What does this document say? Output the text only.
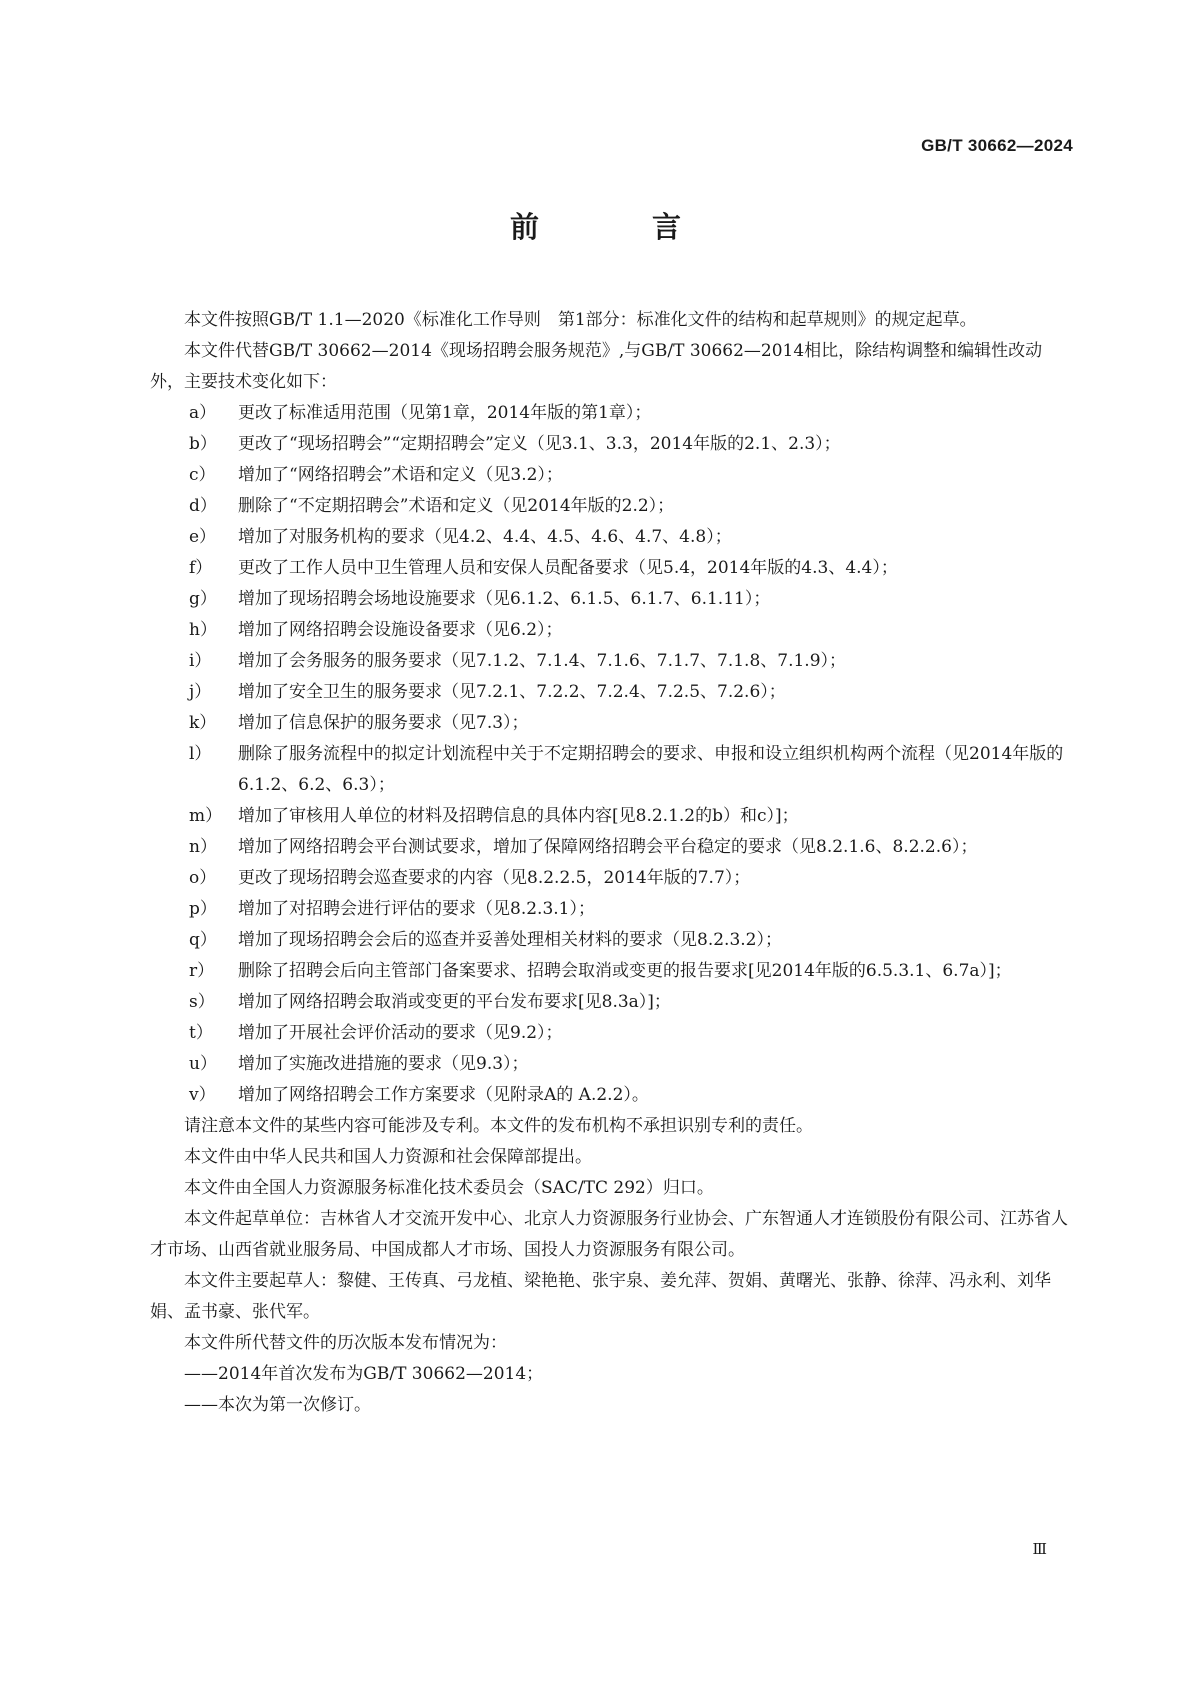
GB/T 30662—2024
前　言

本文件按照GB/T 1.1—2020《标准化工作导则　第1部分：标准化文件的结构和起草规则》的规定起草。

本文件代替GB/T 30662—2014《现场招聘会服务规范》,与GB/T 30662—2014相比，除结构调整和编辑性改动外，主要技术变化如下：

a）	更改了标准适用范围（见第1章，2014年版的第1章）；
b）	更改了“现场招聘会”“定期招聘会”定义（见3.1、3.3，2014年版的2.1、2.3）；
c）	增加了“网络招聘会”术语和定义（见3.2）；
d）	删除了“不定期招聘会”术语和定义（见2014年版的2.2）；
e）	增加了对服务机构的要求（见4.2、4.4、4.5、4.6、4.7、4.8）；
f）	更改了工作人员中卫生管理人员和安保人员配备要求（见5.4，2014年版的4.3、4.4）；
g）	增加了现场招聘会场地设施要求（见6.1.2、6.1.5、6.1.7、6.1.11）；
h）	增加了网络招聘会设施设备要求（见6.2）；
i）	增加了会务服务的服务要求（见7.1.2、7.1.4、7.1.6、7.1.7、7.1.8、7.1.9）；
j）	增加了安全卫生的服务要求（见7.2.1、7.2.2、7.2.4、7.2.5、7.2.6）；
k）	增加了信息保护的服务要求（见7.3）；
l）	删除了服务流程中的拟定计划流程中关于不定期招聘会的要求、申报和设立组织机构两个流程（见2014年版的6.1.2、6.2、6.3）；
m） 增加了审核用人单位的材料及招聘信息的具体内容[见8.2.1.2的b）和c）]；
n）	增加了网络招聘会平台测试要求，增加了保障网络招聘会平台稳定的要求（见8.2.1.6、8.2.2.6）；
o）	更改了现场招聘会巡查要求的内容（见8.2.2.5，2014年版的7.7）；
p）	增加了对招聘会进行评估的要求（见8.2.3.1）；
q）	增加了现场招聘会会后的巡查并妥善处理相关材料的要求（见8.2.3.2）；
r）	删除了招聘会后向主管部门备案要求、招聘会取消或变更的报告要求[见2014年版的6.5.3.1、6.7a）]；
s）	增加了网络招聘会取消或变更的平台发布要求[见8.3a）]；
t）	增加了开展社会评价活动的要求（见9.2）；
u）	增加了实施改进措施的要求（见9.3）；
v）	增加了网络招聘会工作方案要求（见附录A的 A.2.2）。

请注意本文件的某些内容可能涉及专利。本文件的发布机构不承担识别专利的责任。

本文件由中华人民共和国人力资源和社会保障部提出。

本文件由全国人力资源服务标准化技术委员会（SAC/TC 292）归口。

本文件起草单位：吉林省人才交流开发中心、北京人力资源服务行业协会、广东智通人才连锁股份有限公司、江苏省人才市场、山西省就业服务局、中国成都人才市场、国投人力资源服务有限公司。

本文件主要起草人：黎健、王传真、弓龙植、梁艳艳、张宇泉、姜允萍、贺娟、黄曙光、张静、徐萍、冯永利、刘华娟、孟书豪、张代军。

本文件所代替文件的历次版本发布情况为：

——2014年首次发布为GB/T 30662—2014；

——本次为第一次修订。

Ⅲ
